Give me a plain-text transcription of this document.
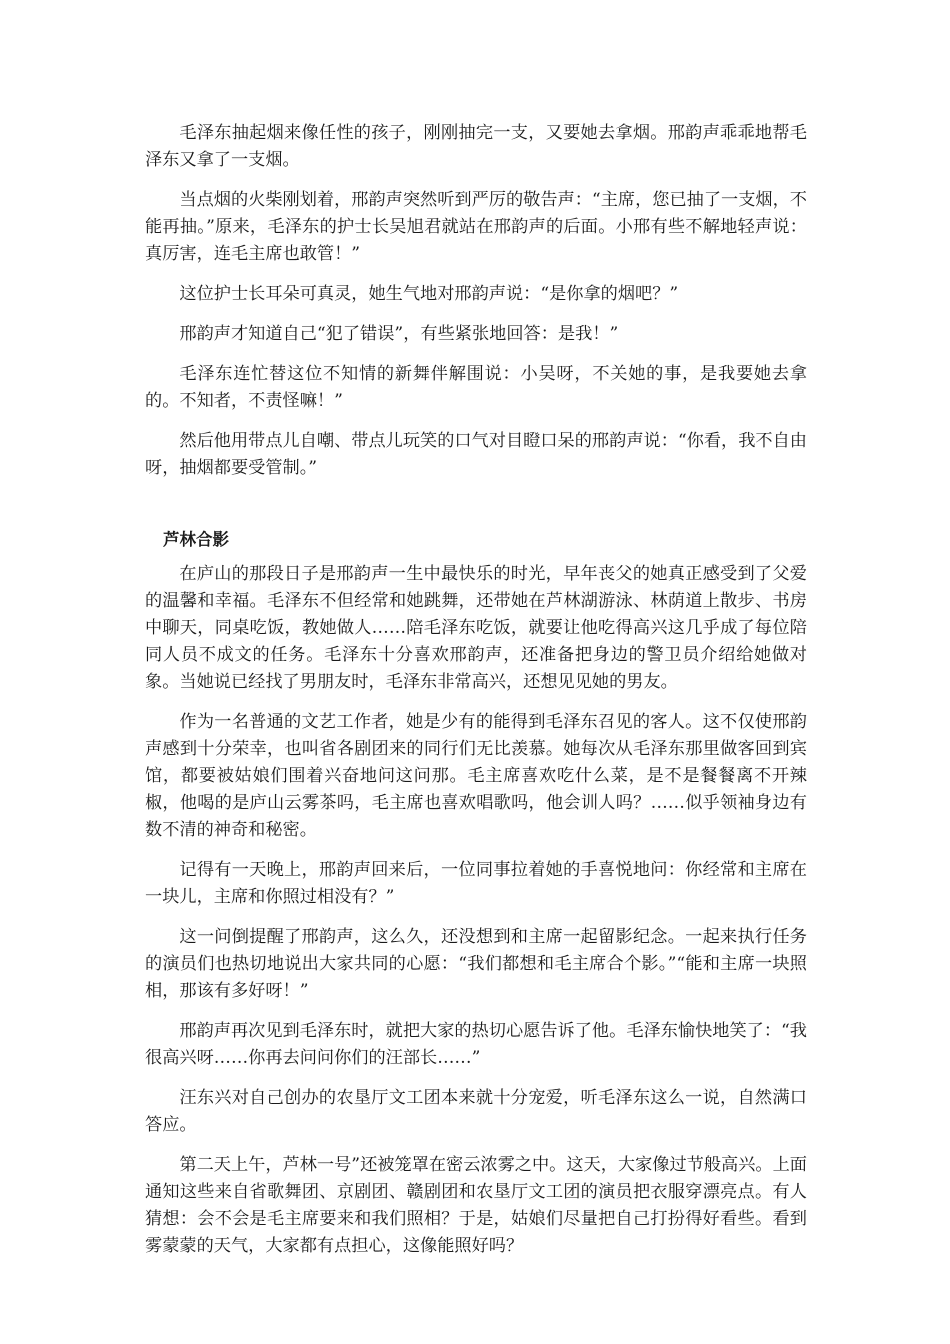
毛泽东抽起烟来像任性的孩子，刚刚抽完一支，又要她去拿烟。邢韵声乖乖地帮毛泽东又拿了一支烟。

当点烟的火柴刚划着，邢韵声突然听到严厉的敬告声：“主席，您已抽了一支烟，不能再抽。”原来，毛泽东的护士长吴旭君就站在邢韵声的后面。小邢有些不解地轻声说：真厉害，连毛主席也敢管！”

这位护士长耳朵可真灵，她生气地对邢韵声说：“是你拿的烟吧？”

邢韵声才知道自己“犯了错误”，有些紧张地回答：是我！”

毛泽东连忙替这位不知情的新舞伴解围说：小吴呀，不关她的事，是我要她去拿的。不知者，不责怪嘛！”

然后他用带点儿自嘲、带点儿玩笑的口气对目瞪口呆的邢韵声说：“你看，我不自由呀，抽烟都要受管制。”

芦林合影

在庐山的那段日子是邢韵声一生中最快乐的时光，早年丧父的她真正感受到了父爱的温馨和幸福。毛泽东不但经常和她跳舞，还带她在芦林湖游泳、林荫道上散步、书房中聊天，同桌吃饭，教她做人……陪毛泽东吃饭，就要让他吃得高兴这几乎成了每位陪同人员不成文的任务。毛泽东十分喜欢邢韵声，还准备把身边的警卫员介绍给她做对象。当她说已经找了男朋友时，毛泽东非常高兴，还想见见她的男友。

作为一名普通的文艺工作者，她是少有的能得到毛泽东召见的客人。这不仅使邢韵声感到十分荣幸，也叫省各剧团来的同行们无比羡慕。她每次从毛泽东那里做客回到宾馆，都要被姑娘们围着兴奋地问这问那。毛主席喜欢吃什么菜，是不是餐餐离不开辣椒，他喝的是庐山云雾茶吗，毛主席也喜欢唱歌吗，他会训人吗？……似乎领袖身边有数不清的神奇和秘密。

记得有一天晚上，邢韵声回来后，一位同事拉着她的手喜悦地问：你经常和主席在一块儿，主席和你照过相没有？”

这一问倒提醒了邢韵声，这么久，还没想到和主席一起留影纪念。一起来执行任务的演员们也热切地说出大家共同的心愿：“我们都想和毛主席合个影。”“能和主席一块照相，那该有多好呀！”

邢韵声再次见到毛泽东时，就把大家的热切心愿告诉了他。毛泽东愉快地笑了：“我很高兴呀……你再去问问你们的汪部长……”

汪东兴对自己创办的农垦厅文工团本来就十分宠爱，听毛泽东这么一说，自然满口答应。

第二天上午，芦林一号”还被笼罩在密云浓雾之中。这天，大家像过节般高兴。上面通知这些来自省歌舞团、京剧团、赣剧团和农垦厅文工团的演员把衣服穿漂亮点。有人猜想：会不会是毛主席要来和我们照相？于是，姑娘们尽量把自己打扮得好看些。看到雾蒙蒙的天气，大家都有点担心，这像能照好吗？
